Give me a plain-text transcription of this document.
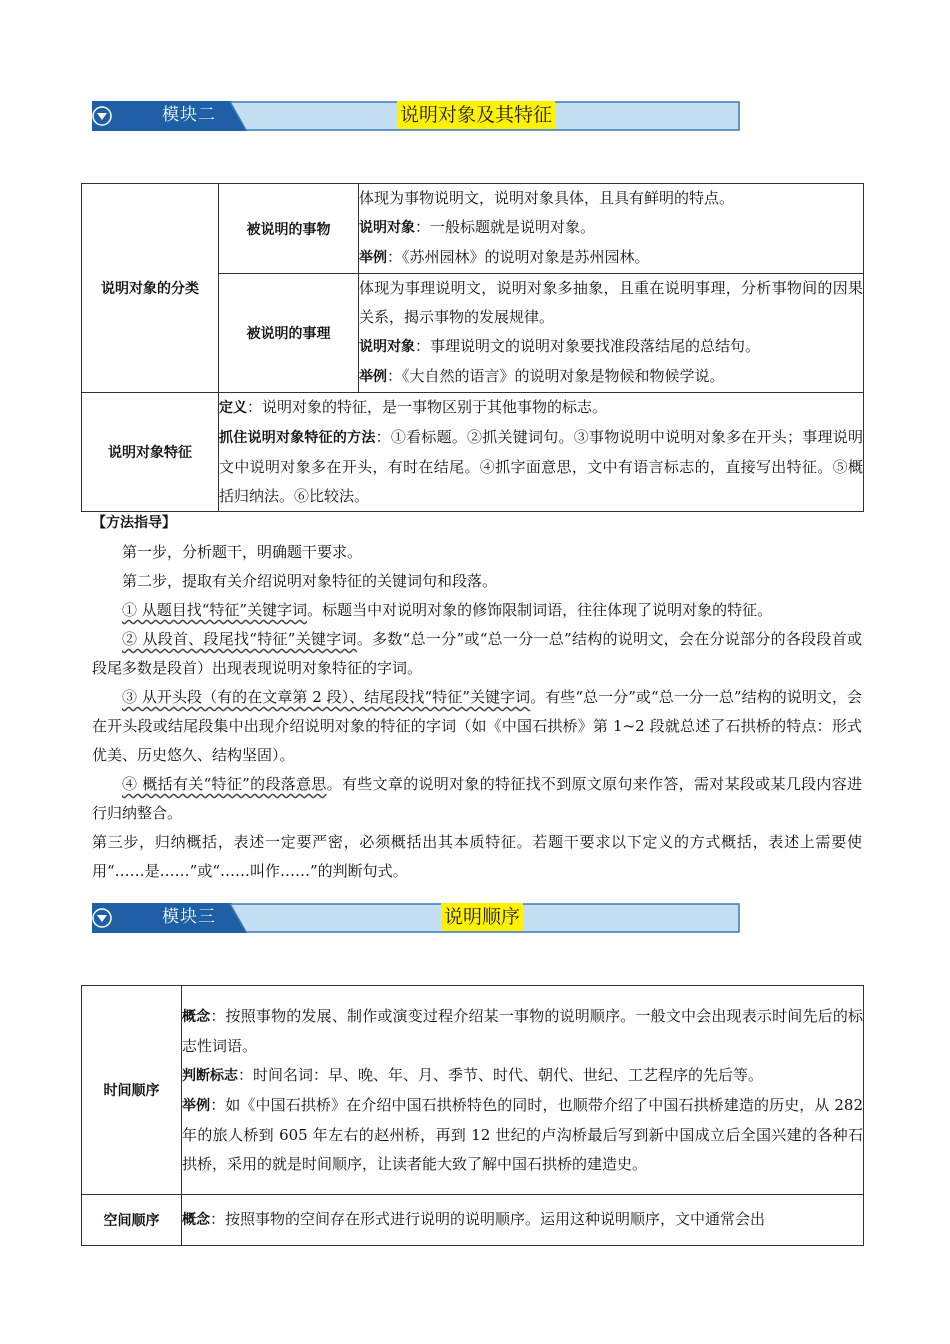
模块二	说明对象及其特征
说明对象的分类	被说明的事物	体现为事物说明文，说明对象具体，且具有鲜明的特点。

说明对象：一般标题就是说明对象。

举例：《苏州园林》的说明对象是苏州园林。

	被说明的事理	体现为事理说明文，说明对象多抽象，且重在说明事理，分析事物间的因果关系，揭示事物的发展规律。

说明对象：事理说明文的说明对象要找准段落结尾的总结句。

举例：《大自然的语言》的说明对象是物候和物候学说。

说明对象特征	定义：说明对象的特征，是一事物区别于其他事物的标志。

抓住说明对象特征的方法：①看标题。②抓关键词句。③事物说明中说明对象多在开头；事理说明文中说明对象多在开头，有时在结尾。④抓字面意思，文中有语言标志的，直接写出特征。⑤概括归纳法。⑥比较法。	

【方法指导】

第一步，分析题干，明确题干要求。

第二步，提取有关介绍说明对象特征的关键词句和段落。

① 从题目找“特征”关键字词。标题当中对说明对象的修饰限制词语，往往体现了说明对象的特征。

② 从段首、段尾找“特征”关键字词。多数“总一分”或“总一分一总”结构的说明文，会在分说部分的各段段首或段尾多数是段首）出现表现说明对象特征的字词。

③ 从开头段（有的在文章第 2 段）、结尾段找“特征”关键字词。有些“总一分”或“总一分一总”结构的说明文，会在开头段或结尾段集中出现介绍说明对象的特征的字词（如《中国石拱桥》第 1~2 段就总述了石拱桥的特点：形式优美、历史悠久、结构坚固）。

④ 概括有关“特征”的段落意思。有些文章的说明对象的特征找不到原文原句来作答，需对某段或某几段内容进行归纳整合。

第三步，归纳概括，表述一定要严密，必须概括出其本质特征。若题干要求以下定义的方式概括，表述上需要使用“……是……”或“……叫作……”的判断句式。

模块三	说明顺序
时间顺序	概念：按照事物的发展、制作或演变过程介绍某一事物的说明顺序。一般文中会出现表示时间先后的标志性词语。

判断标志：时间名词：早、晚、年、月、季节、时代、朝代、世纪、工艺程序的先后等。

举例：如《中国石拱桥》在介绍中国石拱桥特色的同时，也顺带介绍了中国石拱桥建造的历史，从 282 年的旅人桥到 605 年左右的赵州桥，再到 12 世纪的卢沟桥最后写到新中国成立后全国兴建的各种石拱桥，采用的就是时间顺序，让读者能大致了解中国石拱桥的建造史。

空间顺序	概念：按照事物的空间存在形式进行说明的说明顺序。运用这种说明顺序，文中通常会出
